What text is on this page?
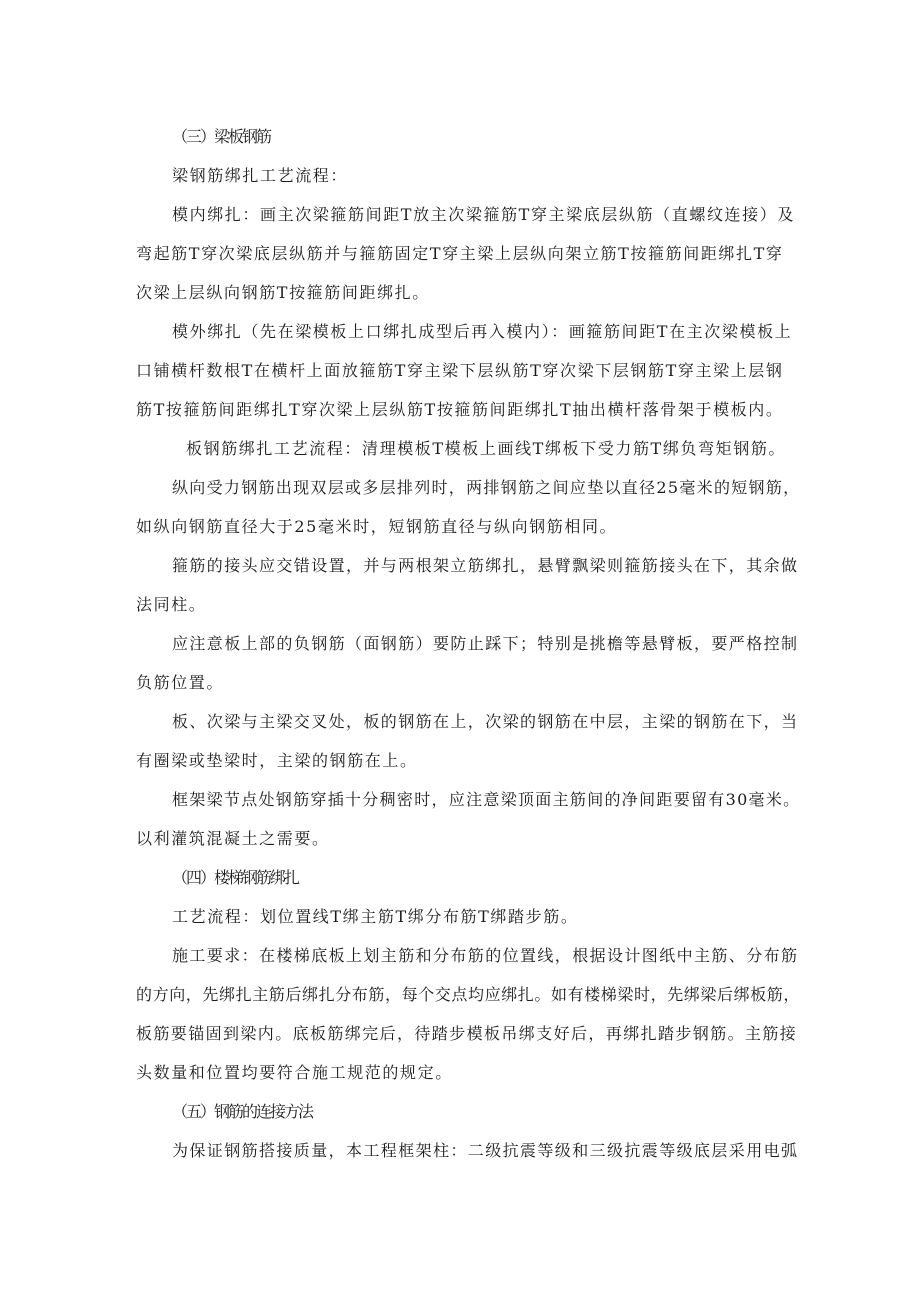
（三）梁板钢筋
梁钢筋绑扎工艺流程：
模内绑扎：画主次梁箍筋间距T放主次梁箍筋T穿主梁底层纵筋（直螺纹连接）及
弯起筋T穿次梁底层纵筋并与箍筋固定T穿主梁上层纵向架立筋T按箍筋间距绑扎T穿
次梁上层纵向钢筋T按箍筋间距绑扎。
模外绑扎（先在梁模板上口绑扎成型后再入模内）：画箍筋间距T在主次梁模板上
口铺横杆数根T在横杆上面放箍筋T穿主梁下层纵筋T穿次梁下层钢筋T穿主梁上层钢
筋T按箍筋间距绑扎T穿次梁上层纵筋T按箍筋间距绑扎T抽出横杆落骨架于模板内。
板钢筋绑扎工艺流程：清理模板T模板上画线T绑板下受力筋T绑负弯矩钢筋。
纵向受力钢筋出现双层或多层排列时，两排钢筋之间应垫以直径25毫米的短钢筋，
如纵向钢筋直径大于25毫米时，短钢筋直径与纵向钢筋相同。
箍筋的接头应交错设置，并与两根架立筋绑扎，悬臂飘梁则箍筋接头在下，其余做
法同柱。
应注意板上部的负钢筋（面钢筋）要防止踩下；特别是挑檐等悬臂板，要严格控制
负筋位置。
板、次梁与主梁交叉处，板的钢筋在上，次梁的钢筋在中层，主梁的钢筋在下，当
有圈梁或垫梁时，主梁的钢筋在上。
框架梁节点处钢筋穿插十分稠密时，应注意梁顶面主筋间的净间距要留有30毫米。
以利灌筑混凝土之需要。
（四）楼梯钢筋绑扎
工艺流程：划位置线T绑主筋T绑分布筋T绑踏步筋。
施工要求：在楼梯底板上划主筋和分布筋的位置线，根据设计图纸中主筋、分布筋
的方向，先绑扎主筋后绑扎分布筋，每个交点均应绑扎。如有楼梯梁时，先绑梁后绑板筋，
板筋要锚固到梁内。底板筋绑完后，待踏步模板吊绑支好后，再绑扎踏步钢筋。主筋接
头数量和位置均要符合施工规范的规定。
（五）钢筋的连接方法
为保证钢筋搭接质量，本工程框架柱：二级抗震等级和三级抗震等级底层采用电弧
